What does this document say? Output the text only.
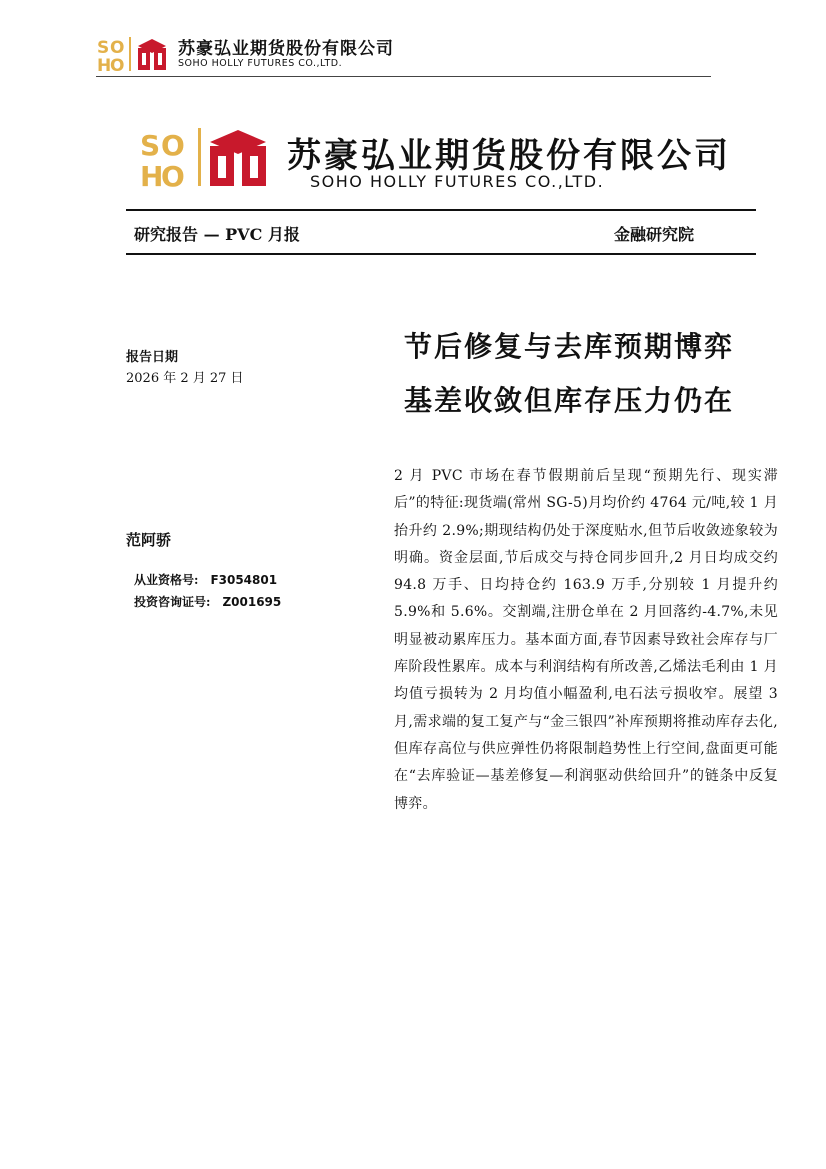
S O
H
O
苏豪弘业期货股份有限公司
SOHO HOLLY FUTURES CO.,LTD.
S O
H
O
苏豪弘业期货股份有限公司
SOHO HOLLY FUTURES CO.,LTD.
研究报告 — PVC 月报	金融研究院
报告日期
2026 年 2 月 27 日
范阿骄
从业资格号: F3054801
投资咨询证号: Z001695
节后修复与去库预期博弈
基差收敛但库存压力仍在
2 月 PVC 市场在春节假期前后呈现“预期先行、现实滞后”的特征:现货端(常州 SG-5)月均价约 4764 元/吨,较 1 月抬升约 2.9%;期现结构仍处于深度贴水,但节后收敛迹象较为明确。资金层面,节后成交与持仓同步回升,2 月日均成交约 94.8 万手、日均持仓约 163.9 万手,分别较 1 月提升约 5.9%和 5.6%。交割端,注册仓单在 2 月回落约-4.7%,未见明显被动累库压力。基本面方面,春节因素导致社会库存与厂库阶段性累库。成本与利润结构有所改善,乙烯法毛利由 1 月均值亏损转为 2 月均值小幅盈利,电石法亏损收窄。展望 3 月,需求端的复工复产与“金三银四”补库预期将推动库存去化,但库存高位与供应弹性仍将限制趋势性上行空间,盘面更可能在“去库验证—基差修复—利润驱动供给回升”的链条中反复博弈。
